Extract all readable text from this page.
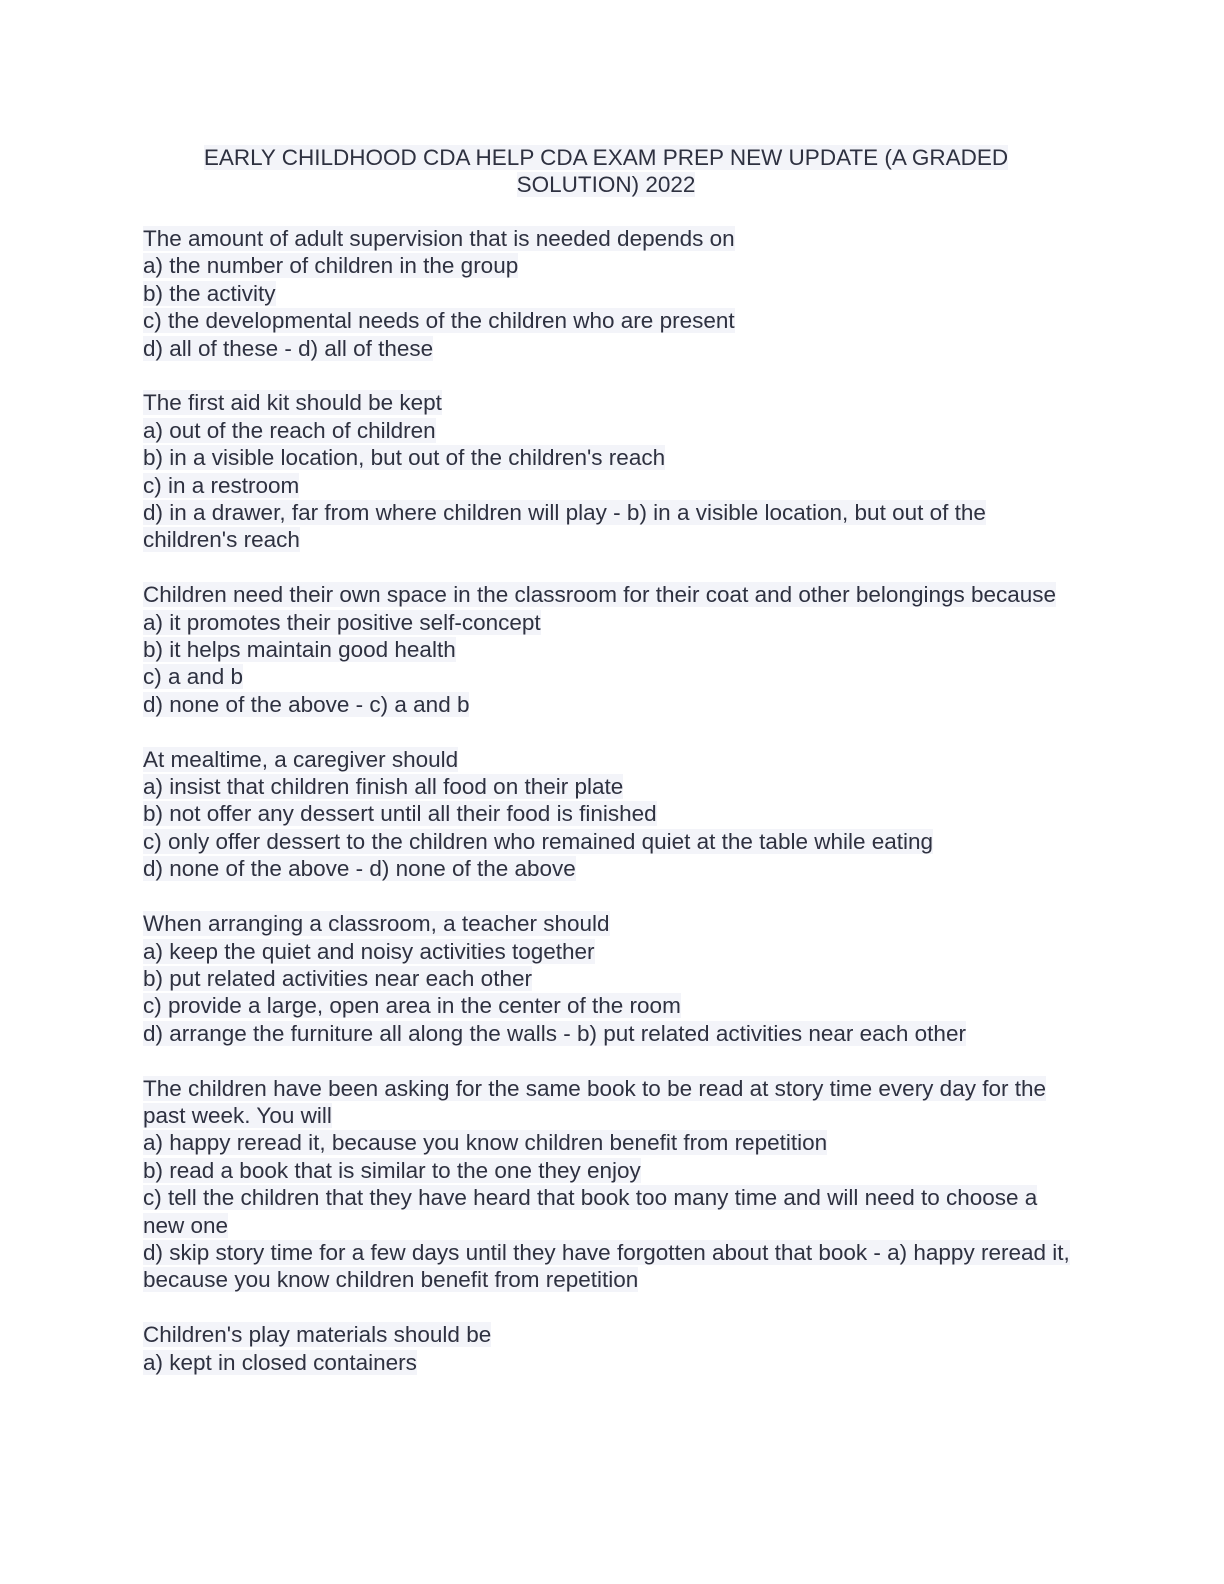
EARLY CHILDHOOD CDA HELP CDA EXAM PREP NEW UPDATE (A GRADED
SOLUTION) 2022
The amount of adult supervision that is needed depends on
a) the number of children in the group
b) the activity
c) the developmental needs of the children who are present
d) all of these - d) all of these
The first aid kit should be kept
a) out of the reach of children
b) in a visible location, but out of the children's reach
c) in a restroom
d) in a drawer, far from where children will play - b) in a visible location, but out of the children's reach
Children need their own space in the classroom for their coat and other belongings because
a) it promotes their positive self-concept
b) it helps maintain good health
c) a and b
d) none of the above - c) a and b
At mealtime, a caregiver should
a) insist that children finish all food on their plate
b) not offer any dessert until all their food is finished
c) only offer dessert to the children who remained quiet at the table while eating
d) none of the above - d) none of the above
When arranging a classroom, a teacher should
a) keep the quiet and noisy activities together
b) put related activities near each other
c) provide a large, open area in the center of the room
d) arrange the furniture all along the walls - b) put related activities near each other
The children have been asking for the same book to be read at story time every day for the past week. You will
a) happy reread it, because you know children benefit from repetition
b) read a book that is similar to the one they enjoy
c) tell the children that they have heard that book too many time and will need to choose a new one
d) skip story time for a few days until they have forgotten about that book - a) happy reread it, because you know children benefit from repetition
Children's play materials should be
a) kept in closed containers
